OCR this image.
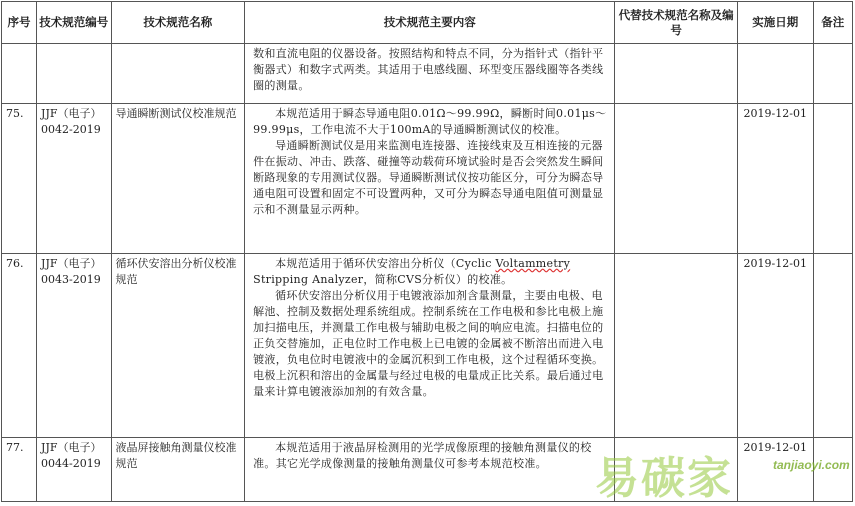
序号	技术规范编号	技术规范名称	技术规范主要内容	代替技术规范名称及编号	实施日期	备注

			数和直流电阻的仪器设备。按照结构和特点不同，分为指针式（指针平衡器式）和数字式两类。其适用于电感线圈、环型变压器线圈等各类线圈的测量。			

75.	JJF（电子）0042-2019	导通瞬断测试仪校准规范	本规范适用于瞬态导通电阻0.01Ω～99.99Ω，瞬断时间0.01μs～99.99μs，工作电流不大于100mA的导通瞬断测试仪的校准。

导通瞬断测试仪是用来监测电连接器、连接线束及互相连接的元器件在振动、冲击、跌落、碰撞等动载荷环境试验时是否会突然发生瞬间断路现象的专用测试仪器。导通瞬断测试仪按功能区分，可分为瞬态导通电阻可设置和固定不可设置两种，又可分为瞬态导通电阻值可测量显示和不测量显示两种。		2019-12-01	
76.	JJF（电子）0043-2019	循环伏安溶出分析仪校准规范	本规范适用于循环伏安溶出分析仪（Cyclic Voltammetry Stripping Analyzer，简称CVS分析仪）的校准。

循环伏安溶出分析仪用于电镀液添加剂含量测量，主要由电极、电解池、控制及数据处理系统组成。控制系统在工作电极和参比电极上施加扫描电压，并测量工作电极与辅助电极之间的响应电流。扫描电位的正负交替施加，正电位时工作电极上已电镀的金属被不断溶出而进入电镀液，负电位时电镀液中的金属沉积到工作电极，这个过程循环变换。电极上沉积和溶出的金属量与经过电极的电量成正比关系。最后通过电量来计算电镀液添加剂的有效含量。		2019-12-01	
77.	JJF（电子）0044-2019	液晶屏接触角测量仪校准规范	本规范适用于液晶屏检测用的光学成像原理的接触角测量仪的校准。其它光学成像测量的接触角测量仪可参考本规范校准。		2019-12-01	
易碳家	tanjiaoyi.com
